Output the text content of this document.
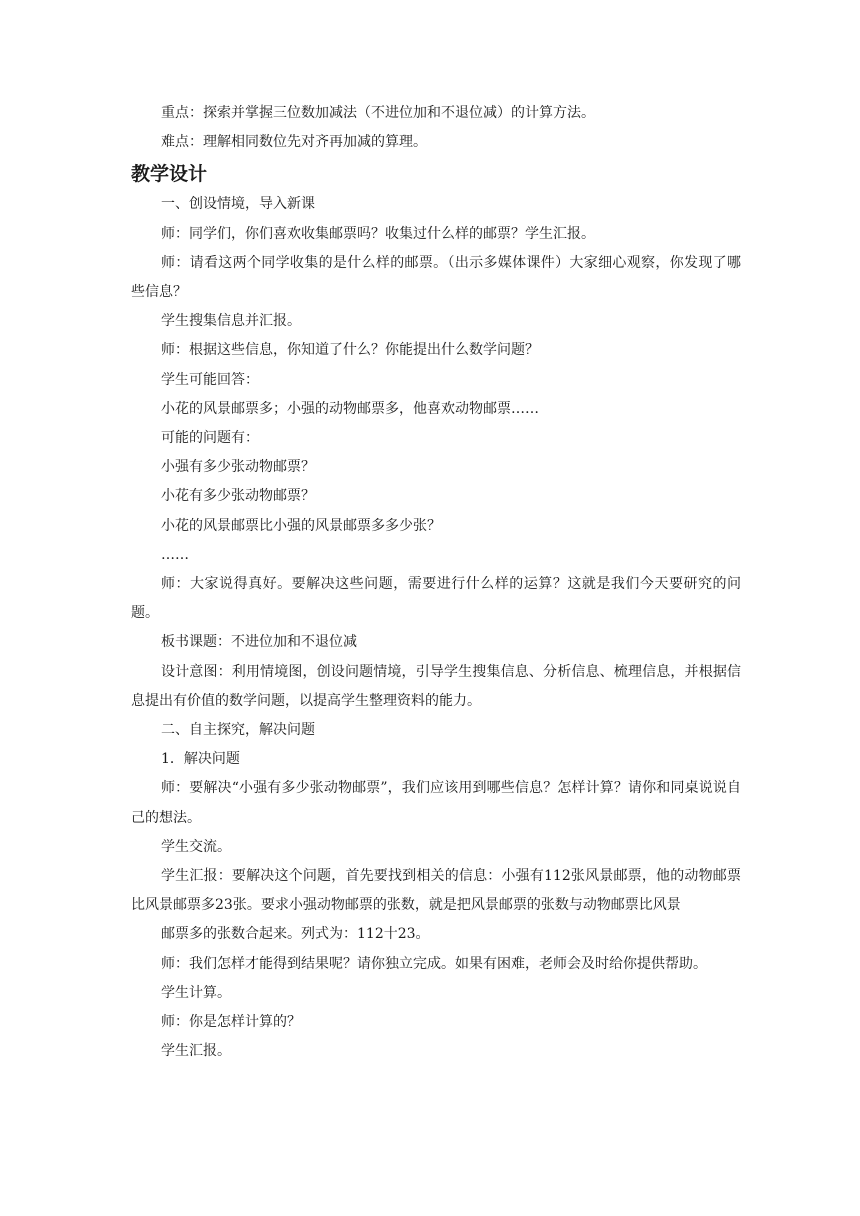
重点：探索并掌握三位数加减法（不进位加和不退位减）的计算方法。

难点：理解相同数位先对齐再加减的算理。

教学设计

一、创设情境，导入新课

师：同学们，你们喜欢收集邮票吗？收集过什么样的邮票？学生汇报。

师：请看这两个同学收集的是什么样的邮票。（出示多媒体课件）大家细心观察，你发现了哪些信息？

学生搜集信息并汇报。

师：根据这些信息，你知道了什么？你能提出什么数学问题？

学生可能回答：

小花的风景邮票多；小强的动物邮票多，他喜欢动物邮票……

可能的问题有：

小强有多少张动物邮票？

小花有多少张动物邮票？

小花的风景邮票比小强的风景邮票多多少张？

……

师：大家说得真好。要解决这些问题，需要进行什么样的运算？这就是我们今天要研究的问题。

板书课题：不进位加和不退位减

设计意图：利用情境图，创设问题情境，引导学生搜集信息、分析信息、梳理信息，并根据信息提出有价值的数学问题，以提高学生整理资料的能力。

二、自主探究，解决问题

1．解决问题

师：要解决“小强有多少张动物邮票”，我们应该用到哪些信息？怎样计算？请你和同桌说说自己的想法。

学生交流。

学生汇报：要解决这个问题，首先要找到相关的信息：小强有112张风景邮票，他的动物邮票比风景邮票多23张。要求小强动物邮票的张数，就是把风景邮票的张数与动物邮票比风景

邮票多的张数合起来。列式为：112十23。

师：我们怎样才能得到结果呢？请你独立完成。如果有困难，老师会及时给你提供帮助。

学生计算。

师：你是怎样计算的？

学生汇报。
